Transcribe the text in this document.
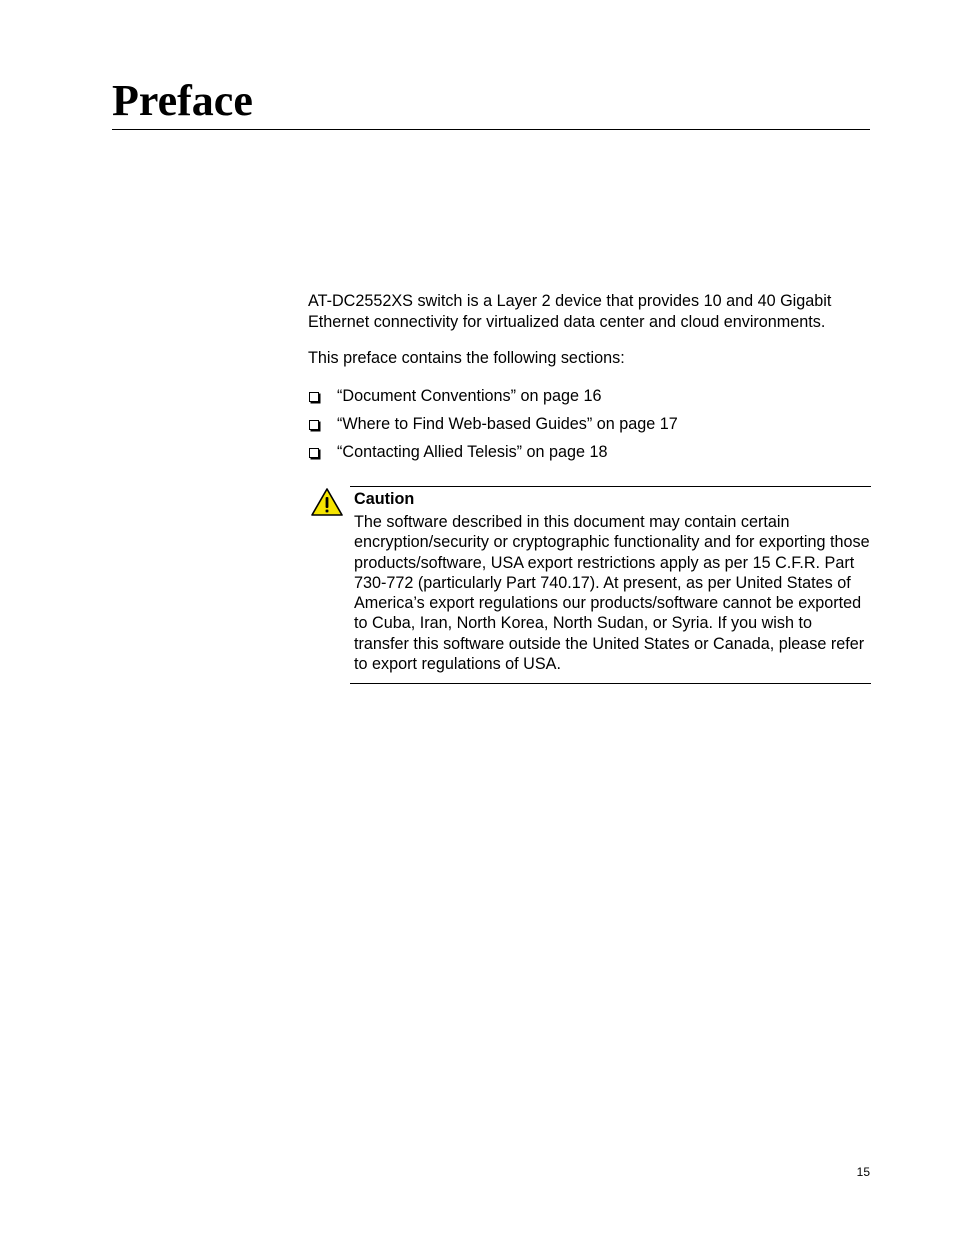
Preface

AT-DC2552XS switch is a Layer 2 device that provides 10 and 40 Gigabit Ethernet connectivity for virtualized data center and cloud environments.

This preface contains the following sections:

“Document Conventions” on page 16
“Where to Find Web-based Guides” on page 17
“Contacting Allied Telesis” on page 18
Caution

The software described in this document may contain certain encryption/security or cryptographic functionality and for exporting those products/software, USA export restrictions apply as per 15 C.F.R. Part 730-772 (particularly Part 740.17). At present, as per United States of America’s export regulations our products/software cannot be exported to Cuba, Iran, North Korea, North Sudan, or Syria. If you wish to transfer this software outside the United States or Canada, please refer to export regulations of USA.

15
